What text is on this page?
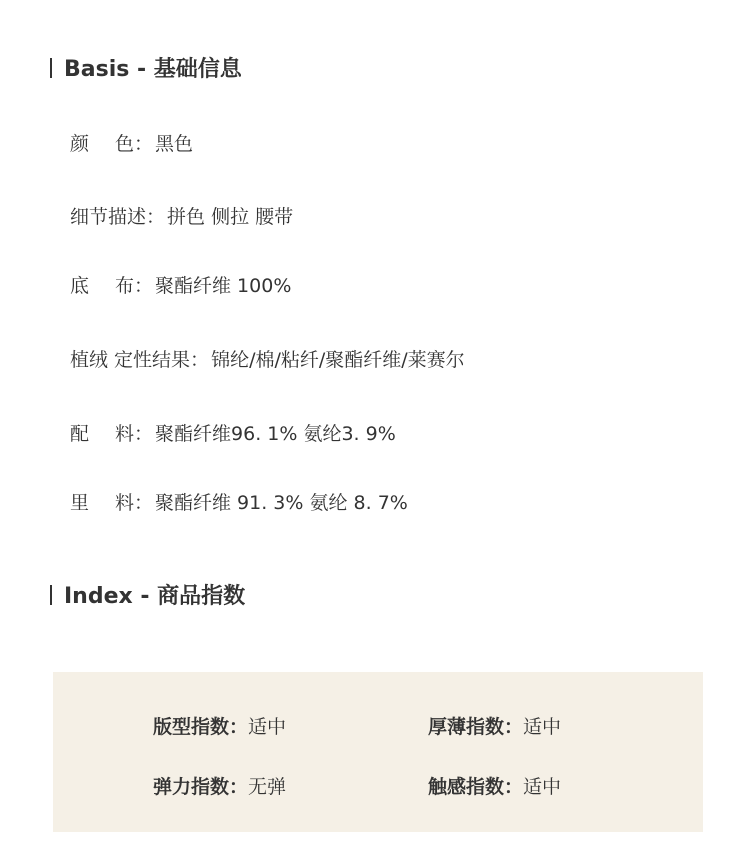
Basis - 基础信息
颜 色 ： 黑色
细节描述 ： 拼色 侧拉 腰带
底 布 ： 聚酯纤维 100%
植绒 定性结果 ： 锦纶/棉/粘纤/聚酯纤维/莱赛尔
配 料 ： 聚酯纤维96. 1% 氨纶3. 9%
里 料 ： 聚酯纤维 91. 3% 氨纶 8. 7%
Index - 商品指数
版型指数： 适中	厚薄指数： 适中
弹力指数： 无弹	触感指数： 适中
